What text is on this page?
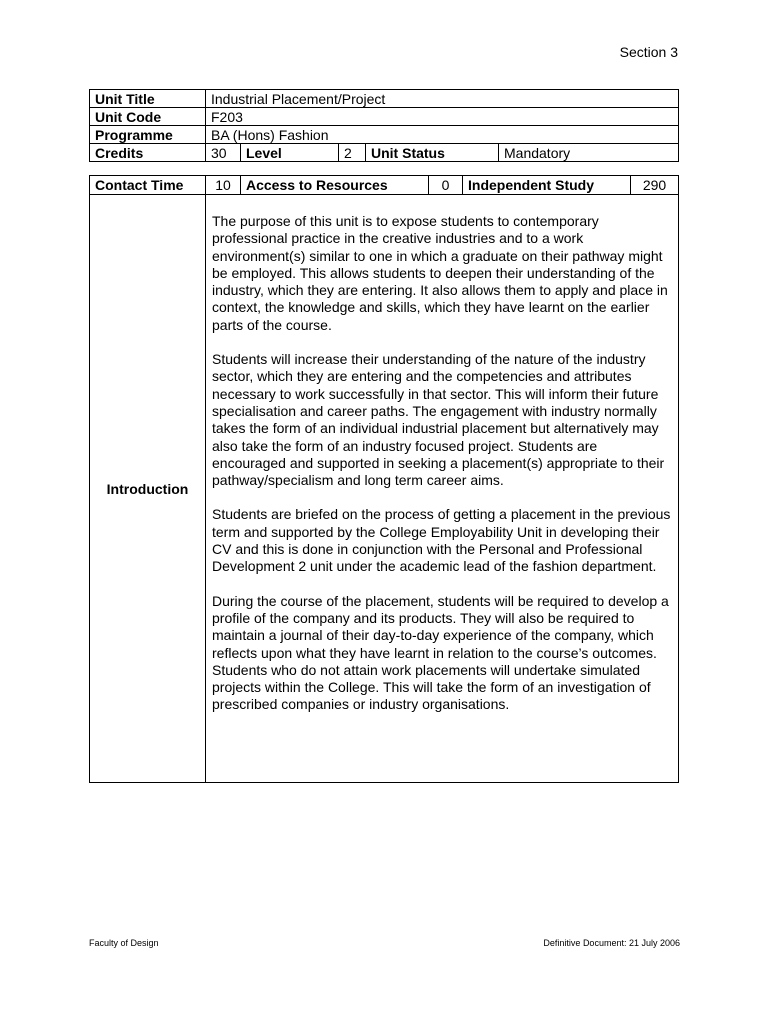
Section 3
Unit Title	Industrial Placement/Project				
Unit Code	F203				
Programme	BA (Hons) Fashion				
Credits	30	Level	2	Unit Status	Mandatory
Contact Time	10	Access to Resources	0	Independent Study	290
Introduction	The purpose of this unit is to expose students to contemporary professional practice in the creative industries and to a work environment(s) similar to one in which a graduate on their pathway might be employed. This allows students to deepen their understanding of the industry, which they are entering. It also allows them to apply and place in context, the knowledge and skills, which they have learnt on the earlier parts of the course.

Students will increase their understanding of the nature of the industry sector, which they are entering and the competencies and attributes necessary to work successfully in that sector. This will inform their future specialisation and career paths. The engagement with industry normally takes the form of an individual industrial placement but alternatively may also take the form of an industry focused project. Students are encouraged and supported in seeking a placement(s) appropriate to their pathway/specialism and long term career aims.

Students are briefed on the process of getting a placement in the previous term and supported by the College Employability Unit in developing their CV and this is done in conjunction with the Personal and Professional Development 2 unit under the academic lead of the fashion department.

During the course of the placement, students will be required to develop a profile of the company and its products. They will also be required to maintain a journal of their day-to-day experience of the company, which reflects upon what they have learnt in relation to the course’s outcomes. Students who do not attain work placements will undertake simulated projects within the College. This will take the form of an investigation of prescribed companies or industry organisations.				

Faculty of Design	Definitive Document: 21 July 2006
